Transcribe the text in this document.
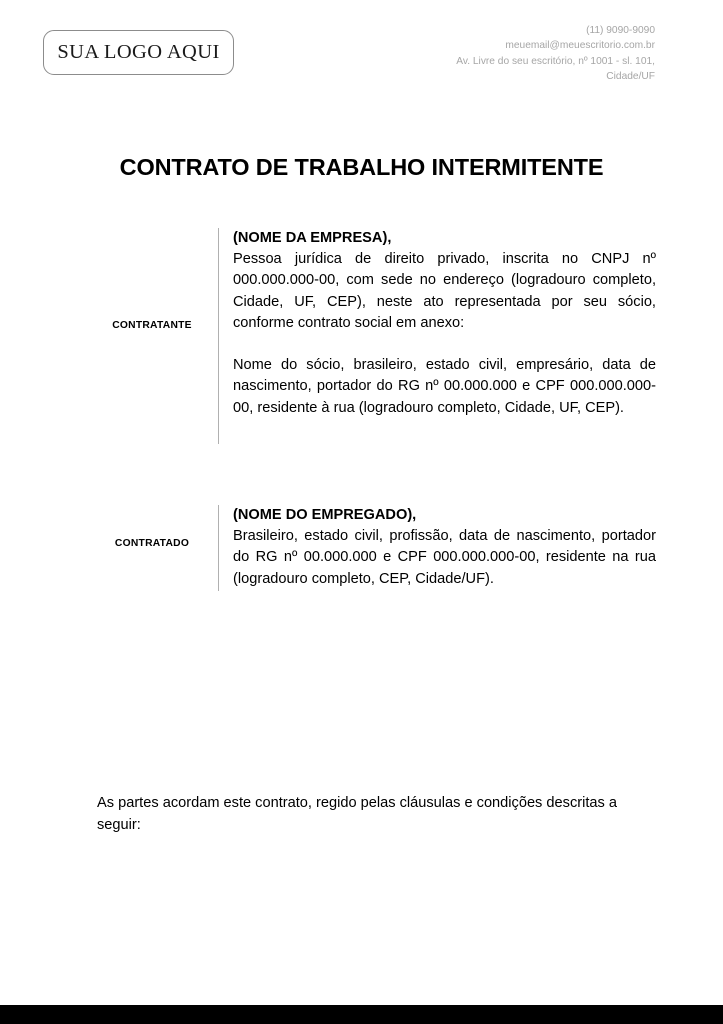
SUA LOGO AQUI
(11) 9090-9090
meuemail@meuescritorio.com.br
Av. Livre do seu escritório, nº 1001 - sl. 101,
Cidade/UF
CONTRATO DE TRABALHO INTERMITENTE
CONTRATANTE
(NOME DA EMPRESA),

Pessoa jurídica de direito privado, inscrita no CNPJ nº 000.000.000-00, com sede no endereço (logradouro completo, Cidade, UF, CEP), neste ato representada por seu sócio, conforme contrato social em anexo:

Nome do sócio, brasileiro, estado civil, empresário, data de nascimento, portador do RG nº 00.000.000 e CPF 000.000.000-00, residente à rua (logradouro completo, Cidade, UF, CEP).

CONTRATADO
(NOME DO EMPREGADO),

Brasileiro, estado civil, profissão, data de nascimento, portador do RG nº 00.000.000 e CPF 000.000.000-00, residente na rua (logradouro completo, CEP, Cidade/UF).

As partes acordam este contrato, regido pelas cláusulas e condições descritas a seguir:
